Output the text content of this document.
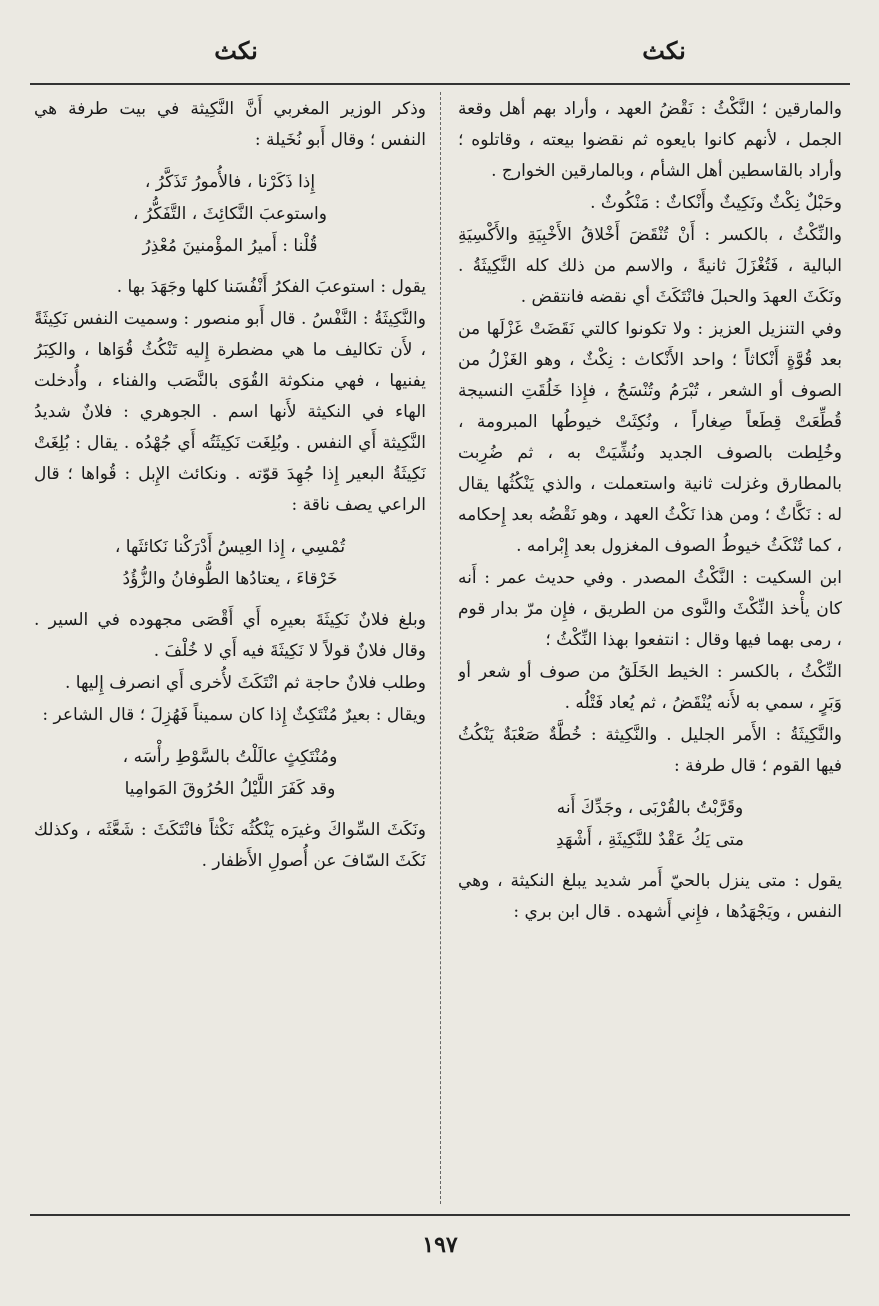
نكث
نكث

والمارقين ؛ النَّكْثُ : نَقْضُ العهد ، وأراد بهم أهل وقعة الجمل ، لأنهم كانوا بايعوه ثم نقضوا بيعته ، وقاتلوه ؛ وأراد بالقاسطين أهل الشأم ، وبالمارقين الخوارج .

وحَبْلٌ نِكْثٌ ونَكِيثٌ وأَنْكاثٌ : مَنْكُوثٌ .

والنِّكْثُ ، بالكسر : أَنْ تُنْقَضَ أَخْلاقُ الأَخْبِيَةِ والأَكْسِيَةِ البالية ، فَتُغْزَلَ ثانيةً ، والاسم من ذلك كله النَّكِيثَةُ . ونَكَثَ العهدَ والحبلَ فانْتَكَثَ أي نقضه فانتقض .

وفي التنزيل العزيز : ولا تكونوا كالتي نَقَضَتْ غَزْلَها من بعد قُوَّةٍ أَنْكاثاً ؛ واحد الأَنْكاث : نِكْثٌ ، وهو الغَزْلُ من الصوف أو الشعر ، تُبْرَمُ وتُنْسَجُ ، فإِذا خَلُقَتِ النسيجة قُطِّعَتْ قِطَعاً صِغاراً ، ونُكِثَتْ خيوطُها المبرومة ، وخُلِطت بالصوف الجديد ونُشِّيَتْ به ، ثم ضُرِبت بالمطارق وغزلت ثانية واستعملت ، والذي يَنْكُثُها يقال له : نَكَّاثٌ ؛ ومن هذا نَكْثُ العهد ، وهو نَقْضُه بعد إِحكامه ، كما تُنْكَثُ خيوطُ الصوف المغزول بعد إِبْرامه .

ابن السكيت : النَّكْثُ المصدر . وفي حديث عمر : أَنه كان يأْخذ النِّكْثَ والنَّوى من الطريق ، فإِن مرّ بدار قوم ، رمى بهما فيها وقال : انتفعوا بهذا النِّكْثُ ؛

النِّكْثُ ، بالكسر : الخيط الخَلَقُ من صوف أو شعر أو وَبَرٍ ، سمي به لأَنه يُنْقَضُ ، ثم يُعاد فَتْلُه .

والنَّكِيثَةُ : الأَمر الجليل . والنَّكِيثة : خُطَّةٌ صَعْبَةٌ يَنْكُثُ فيها القوم ؛ قال طرفة :

وقَرَّبْتُ بالقُرْبَى ، وجَدِّكَ أَنه
متى يَكُ عَقْدٌ للنَّكِيثَةِ ، أَشْهَدِ

يقول : متى ينزل بالحيّ أَمر شديد يبلغ النكيثة ، وهي النفس ، ويَجْهَدُها ، فإِني أَشهده . قال ابن بري :

وذكر الوزير المغربي أَنَّ النَّكِيثة في بيت طرفة هي النفس ؛ وقال أَبو نُخَيلة :

إِذا ذَكَرْنا ، فالأُمورُ تَذَكَّرُ ،
واستوعبَ النَّكائِثَ ، التَّفَكُّرُ ،
قُلْنا : أَميرُ المؤْمنينَ مُعْذِرُ

يقول : استوعبَ الفكرُ أَنْفُسَنا كلها وجَهَدَ بها .

والنَّكِيثَةُ : النَّفْسُ . قال أَبو منصور : وسميت النفس نَكِيثَةً ، لأَن تكاليف ما هي مضطرة إِليه تَنْكُثُ قُوَاها ، والكِبَرُ يفنيها ، فهي منكوثة القُوَى بالنَّصَب والفناء ، وأُدخلت الهاء في النكيثة لأَنها اسم . الجوهري : فلانٌ شديدُ النَّكِيثة أَي النفس . وبُلِغَت نَكِيثَتُه أَي جُهْدُه . يقال : بُلِغَتْ نَكِيثَةُ البعير إِذا جُهِدَ قوّته . ونكائث الإِبل : قُواها ؛ قال الراعي يصف ناقة :

تُمْسِي ، إِذا العِيسُ أَدْرَكْنا نَكائثَها ،
خَرْقاءَ ، يعتادُها الطُّوفانُ والزُّؤُدُ

وبلغ فلانٌ نَكِيثَةَ بعيرِه أَي أَقْصَى مجهوده في السير . وقال فلانٌ قولاً لا نَكِيثَةَ فيه أَي لا خُلْفَ .

وطلب فلانٌ حاجة ثم انْتَكَثَ لأُخرى أَي انصرف إِليها .

ويقال : بعيرٌ مُنْتَكِثٌ إِذا كان سميناً فَهُزِلَ ؛ قال الشاعر :

ومُنْتَكِثٍ عالَلْتُ بالسَّوْطِ رأْسَه ،
وقد كَفَرَ اللَّيْلُ الحُرُوقَ المَوامِيا

ونَكَثَ السِّواكَ وغيرَه يَنْكُثُه نَكْثاً فانْتَكَثَ : شَعَّثَه ، وكذلك نَكَثَ السّافَ عن أُصولِ الأَظفار .

١٩٧
